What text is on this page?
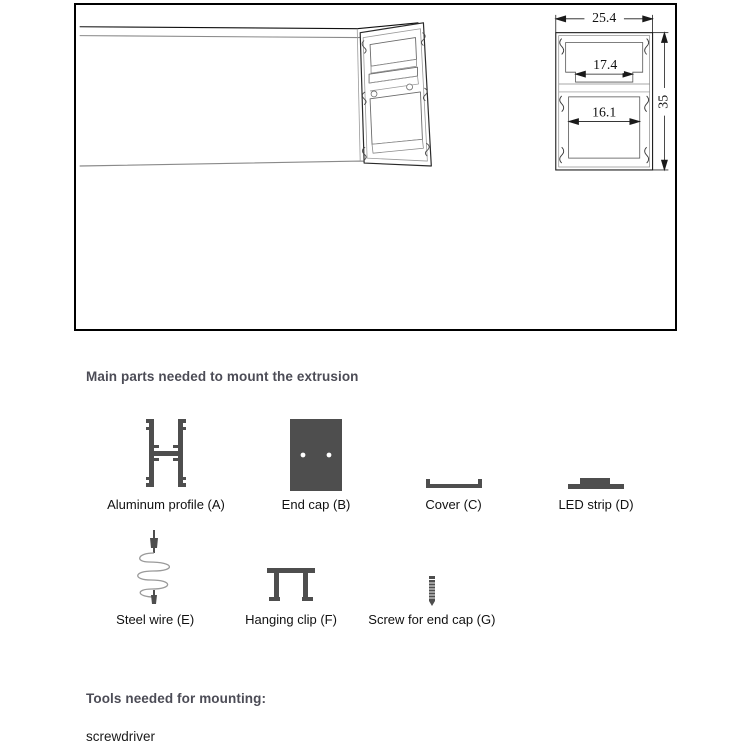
25.4
17.4
16.1
35
Main parts needed to mount the extrusion
Aluminum profile (A)	End cap (B)	Cover (C)	LED strip (D)
Steel wire (E)	Hanging clip (F) Screw for end cap (G)
Tools needed for mounting:
screwdriver
